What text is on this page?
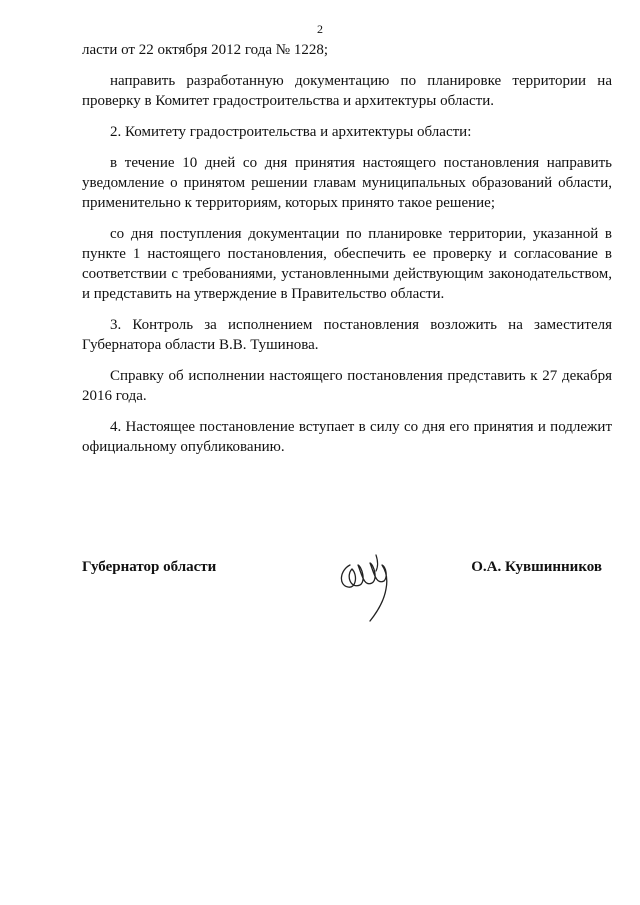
2

ласти от 22 октября 2012 года № 1228;

направить разработанную документацию по планировке территории на проверку в Комитет градостроительства и архитектуры области.

2. Комитету градостроительства и архитектуры области:

в течение 10 дней со дня принятия настоящего постановления направить уведомление о принятом решении главам муниципальных образований области, применительно к территориям, которых принято такое решение;

со дня поступления документации по планировке территории, указанной в пункте 1 настоящего постановления, обеспечить ее проверку и согласование в соответствии с требованиями, установленными действующим законодательством, и представить на утверждение в Правительство области.

3. Контроль за исполнением постановления возложить на заместителя Губернатора области В.В. Тушинова.

Справку об исполнении настоящего постановления представить к 27 декабря 2016 года.

4. Настоящее постановление вступает в силу со дня его принятия и подлежит официальному опубликованию.

Губернатор области	О.А. Кувшинников
